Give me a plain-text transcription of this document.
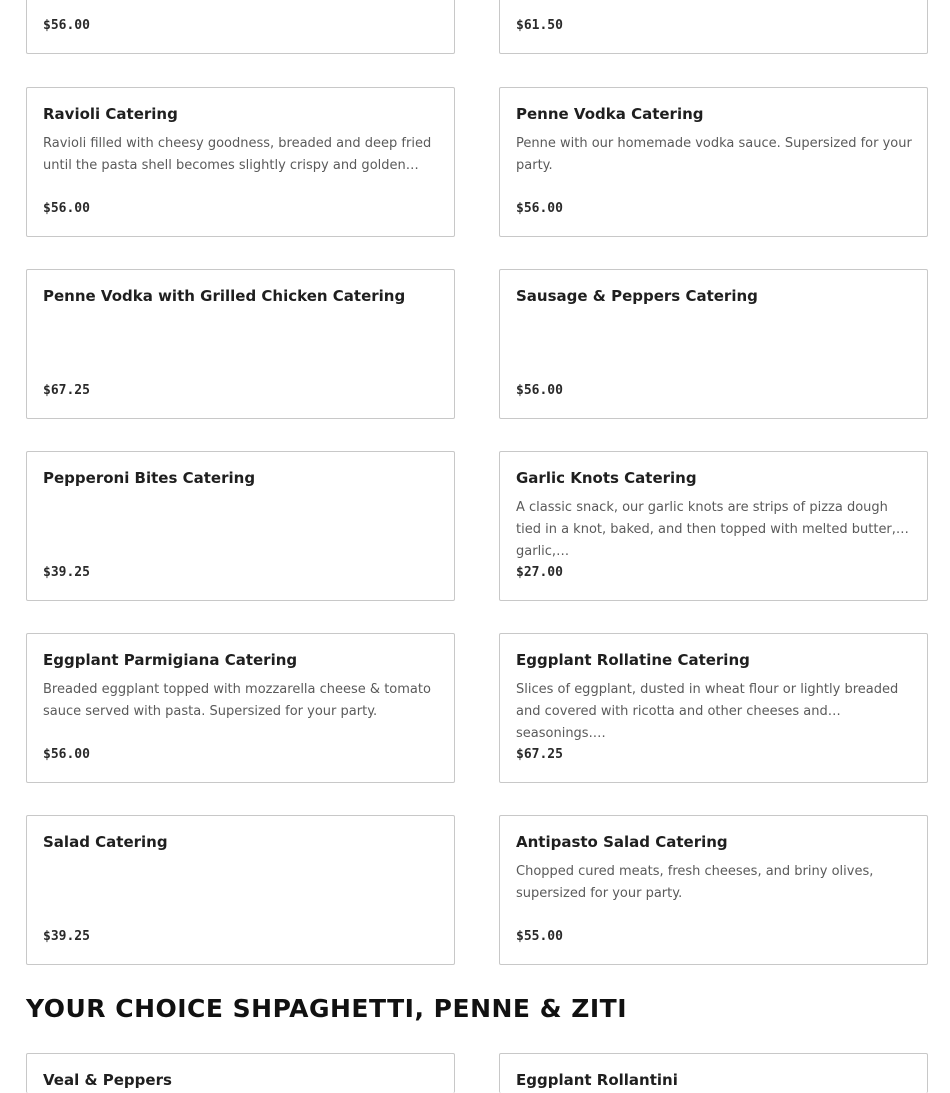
$56.00	$61.50
Ravioli Catering
Ravioli filled with cheesy goodness, breaded and deep fried until the pasta shell becomes slightly crispy and golden…
$56.00
Penne Vodka Catering
Penne with our homemade vodka sauce. Supersized for your party.
$56.00
Penne Vodka with Grilled Chicken Catering
$67.25
Sausage & Peppers Catering
$56.00
Pepperoni Bites Catering
$39.25
Garlic Knots Catering
A classic snack, our garlic knots are strips of pizza dough tied in a knot, baked, and then topped with melted butter, garlic,…
$27.00
Eggplant Parmigiana Catering
Breaded eggplant topped with mozzarella cheese & tomato sauce served with pasta. Supersized for your party.
$56.00
Eggplant Rollatine Catering
Slices of eggplant, dusted in wheat flour or lightly breaded and covered with ricotta and other cheeses and seasonings.…
$67.25
Salad Catering
$39.25
Antipasto Salad Catering
Chopped cured meats, fresh cheeses, and briny olives, supersized for your party.
$55.00
YOUR CHOICE SHPAGHETTI, PENNE & ZITI
Veal & Peppers	Eggplant Rollantini
